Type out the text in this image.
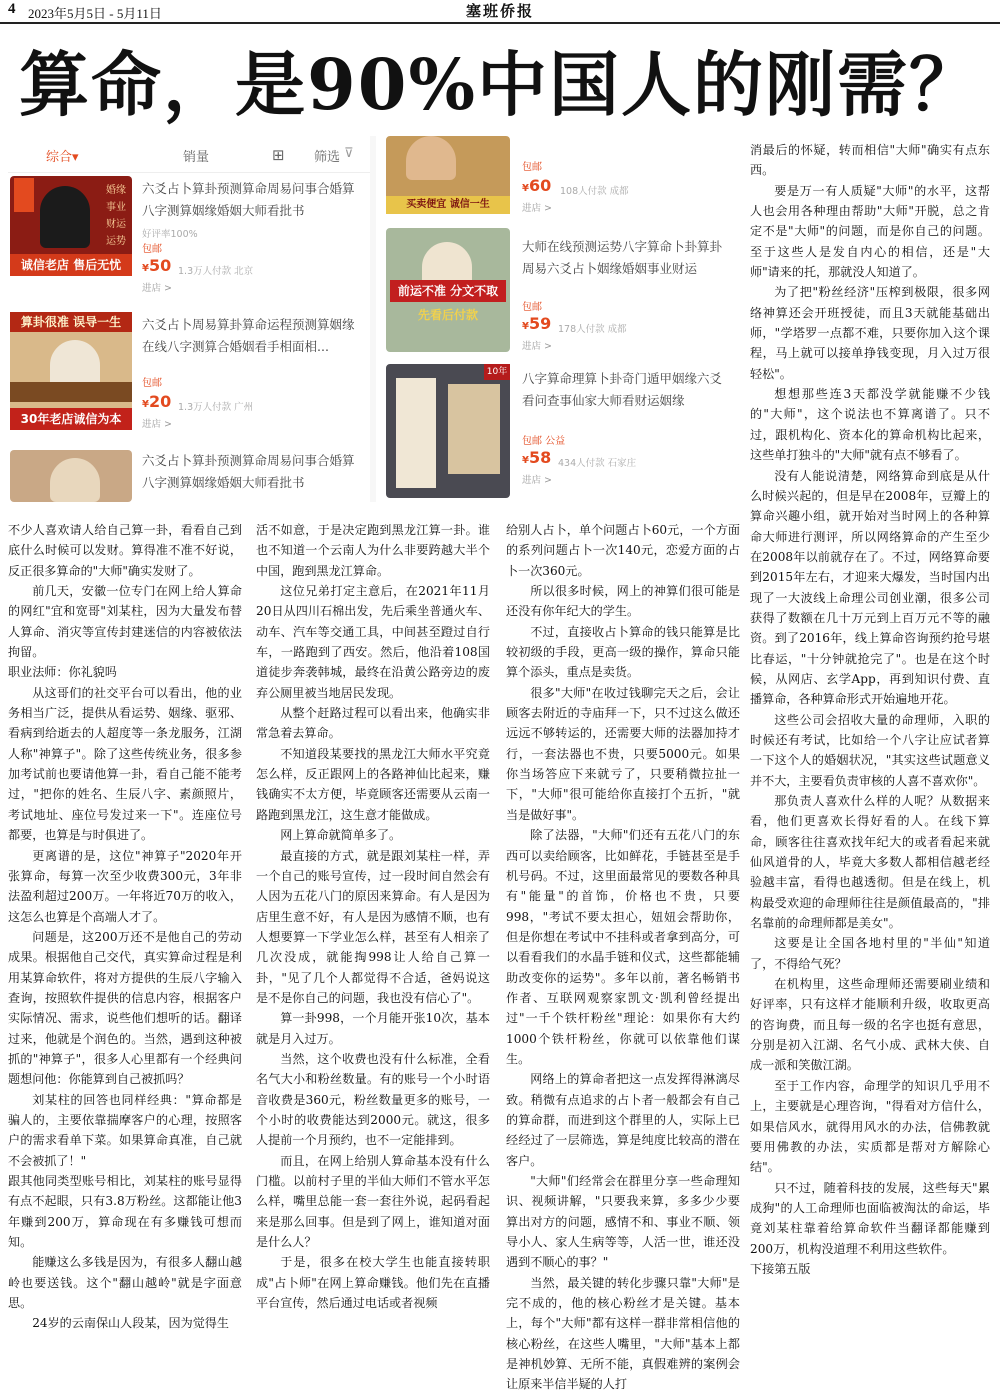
4 2023年5月5日 - 5月11日	塞班侨报
算命，是90%中国人的刚需？
综合▾	销量	⊞ 筛选 ⊽
婚缘 事业 财运 运势
诚信老店 售后无忧
六爻占卜算卦预测算命周易问事合婚算八字测算姻缘婚姻大师看批书
好评率100%
包邮
¥50 1.3万人付款 北京
进店 >
算卦很准 误导一生
30年老店诚信为本
六爻占卜周易算卦算命运程预测算姻缘在线八字测算合婚姻看手相面相...
包邮
¥20 1.3万人付款 广州
进店 >
六爻占卜算卦预测算命周易问事合婚算八字测算姻缘婚姻大师看批书
买卖便宜 诚信一生
包邮
¥60 108人付款 成都
进店 >
前运不准 分文不取
先看后付款
大师在线预测运势八字算命卜卦算卦周易六爻占卜姻缘婚姻事业财运
包邮
¥59 178人付款 成都
进店 >
10年 八字算命理算卜卦奇门遁甲姻缘六爻看问查事仙家大师看财运姻缘
包邮 公益
¥58 434人付款 石家庄
进店 >

消最后的怀疑，转而相信"大师"确实有点东西。

要是万一有人质疑"大师"的水平，这帮人也会用各种理由帮助"大师"开脱，总之肯定不是"大师"的问题，而是你自己的问题。至于这些人是发自内心的相信，还是"大师"请来的托，那就没人知道了。

为了把"粉丝经济"压榨到极限，很多网络神算还会开班授徒，而且3天就能基础出师，"学塔罗一点都不难，只要你加入这个课程，马上就可以接单挣钱变现，月入过万很轻松"。

想想那些连3天都没学就能赚不少钱的"大师"，这个说法也不算离谱了。只不过，跟机构化、资本化的算命机构比起来，这些单打独斗的"大师"就有点不够看了。

没有人能说清楚，网络算命到底是从什么时候兴起的，但是早在2008年，豆瓣上的算命兴趣小组，就开始对当时网上的各种算命大师进行测评，所以网络算命的产生至少在2008年以前就存在了。不过，网络算命要到2015年左右，才迎来大爆发，当时国内出现了一大波线上命理公司创业潮，很多公司获得了数额在几十万元到上百万元不等的融资。到了2016年，线上算命咨询预约抢号堪比春运，"十分钟就抢完了"。也是在这个时候，从网店、玄学App，再到知识付费、直播算命，各种算命形式开始遍地开花。

这些公司会招收大量的命理师，入职的时候还有考试，比如给一个八字让应试者算一下这个人的婚姻状况，"其实这些试题意义并不大，主要看负责审核的人喜不喜欢你"。

那负责人喜欢什么样的人呢？从数据来看，他们更喜欢长得好看的人。在线下算命，顾客往往喜欢找年纪大的或者看起来就仙风道骨的人，毕竟大多数人都相信越老经验越丰富，看得也越透彻。但是在线上，机构最受欢迎的命理师往往是颜值最高的，"排名靠前的命理师都是美女"。

这要是让全国各地村里的"半仙"知道了，不得给气死？

在机构里，这些命理师还需要刷业绩和好评率，只有这样才能顺利升级，收取更高的咨询费，而且每一级的名字也挺有意思，分别是初入江湖、名气小成、武林大侠、自成一派和笑傲江湖。

至于工作内容，命理学的知识几乎用不上，主要就是心理咨询，"得看对方信什么，如果信风水，就得用风水的办法，信佛教就要用佛教的办法，实质都是帮对方解除心结"。

只不过，随着科技的发展，这些每天"累成狗"的人工命理师也面临被淘汰的命运，毕竟刘某柱靠着给算命软件当翻译都能赚到200万，机构没道理不利用这些软件。

下接第五版

不少人喜欢请人给自己算一卦，看看自己到底什么时候可以发财。算得准不准不好说，反正很多算命的"大师"确实发财了。

前几天，安徽一位专门在网上给人算命的网红"宜和宽哥"刘某柱，因为大量发布替人算命、消灾等宣传封建迷信的内容被依法拘留。

职业法师：你礼貌吗

从这哥们的社交平台可以看出，他的业务相当广泛，提供从看运势、姻缘、驱邪、看病到给逝去的人超度等一条龙服务，江湖人称"神算子"。除了这些传统业务，很多参加考试前也要请他算一卦，看自己能不能考过，"把你的姓名、生辰八字、素颜照片，考试地址、座位号发过来一下"。连座位号都要，也算是与时俱进了。

更离谱的是，这位"神算子"2020年开张算命，每算一次至少收费300元，3年非法盈利超过200万。一年将近70万的收入，这怎么也算是个高端人才了。

问题是，这200万还不是他自己的劳动成果。根据他自己交代，真实算命过程是利用某算命软件，将对方提供的生辰八字输入查询，按照软件提供的信息内容，根据客户实际情况、需求，说些他们想听的话。翻译过来，他就是个润色的。当然，遇到这种被抓的"神算子"，很多人心里都有一个经典问题想问他：你能算到自己被抓吗？

刘某柱的回答也同样经典："算命都是骗人的，主要依靠揣摩客户的心理，按照客户的需求看单下菜。如果算命真准，自己就不会被抓了！"

跟其他同类型账号相比，刘某柱的账号显得有点不起眼，只有3.8万粉丝。这都能让他3年赚到200万，算命现在有多赚钱可想而知。

能赚这么多钱是因为，有很多人翻山越岭也要送钱。这个"翻山越岭"就是字面意思。

24岁的云南保山人段某，因为觉得生

活不如意，于是决定跑到黑龙江算一卦。谁也不知道一个云南人为什么非要跨越大半个中国，跑到黑龙江算命。

这位兄弟打定主意后，在2021年11月20日从四川石棉出发，先后乘坐普通火车、动车、汽车等交通工具，中间甚至蹬过自行车，一路跑到了西安。然后，他沿着108国道徒步奔袭韩城，最终在沿黄公路旁边的废弃公厕里被当地居民发现。

从整个赶路过程可以看出来，他确实非常急着去算命。

不知道段某要找的黑龙江大师水平究竟怎么样，反正跟网上的各路神仙比起来，赚钱确实不太方便，毕竟顾客还需要从云南一路跑到黑龙江，这生意才能做成。

网上算命就简单多了。

最直接的方式，就是跟刘某柱一样，弄一个自己的账号宣传，过一段时间自然会有人因为五花八门的原因来算命。有人是因为店里生意不好，有人是因为感情不顺，也有人想要算一下学业怎么样，甚至有人相亲了几次没成，就能掏998让人给自己算一卦，"见了几个人都觉得不合适，爸妈说这是不是你自己的问题，我也没有信心了"。

算一卦998，一个月能开张10次，基本就是月入过万。

当然，这个收费也没有什么标准，全看名气大小和粉丝数量。有的账号一个小时语音收费是360元，粉丝数量更多的账号，一个小时的收费能达到2000元。就这，很多人提前一个月预约，也不一定能排到。

而且，在网上给别人算命基本没有什么门槛。以前村子里的半仙大师们不管水平怎么样，嘴里总能一套一套往外说，起码看起来是那么回事。但是到了网上，谁知道对面是什么人？

于是，很多在校大学生也能直接转职成"占卜师"在网上算命赚钱。他们先在直播平台宣传，然后通过电话或者视频

给别人占卜，单个问题占卜60元，一个方面的系列问题占卜一次140元，恋爱方面的占卜一次360元。

所以很多时候，网上的神算们很可能是还没有你年纪大的学生。

不过，直接收占卜算命的钱只能算是比较初级的手段，更高一级的操作，算命只能算个添头，重点是卖货。

很多"大师"在收过钱聊完天之后，会让顾客去附近的寺庙拜一下，只不过这么做还远远不够转运的，还需要大师的法器加持才行，一套法器也不贵，只要5000元。如果你当场答应下来就亏了，只要稍微拉扯一下，"大师"很可能给你直接打个五折，"就当是做好事"。

除了法器，"大师"们还有五花八门的东西可以卖给顾客，比如鲜花，手链甚至是手机号码。不过，这里面最常见的要数各种具有"能量"的首饰，价格也不贵，只要998，"考试不要太担心，妞妞会帮助你，但是你想在考试中不挂科或者拿到高分，可以看看我们的水晶手链和仪式，这些都能辅助改变你的运势"。多年以前，著名畅销书作者、互联网观察家凯文·凯利曾经提出过"一千个铁杆粉丝"理论：如果你有大约1000个铁杆粉丝，你就可以依靠他们谋生。

网络上的算命者把这一点发挥得淋漓尽致。稍微有点追求的占卜者一般都会有自己的算命群，而进到这个群里的人，实际上已经经过了一层筛选，算是纯度比较高的潜在客户。

"大师"们经常会在群里分享一些命理知识、视频讲解，"只要我来算，多多少少要算出对方的问题，感情不和、事业不顺、领导小人、家人生病等等，人活一世，谁还没遇到不顺心的事？"

当然，最关键的转化步骤只靠"大师"是完不成的，他的核心粉丝才是关键。基本上，每个"大师"都有这样一群非常相信他的核心粉丝，在这些人嘴里，"大师"基本上都是神机妙算、无所不能，真假难辨的案例会让原来半信半疑的人打
